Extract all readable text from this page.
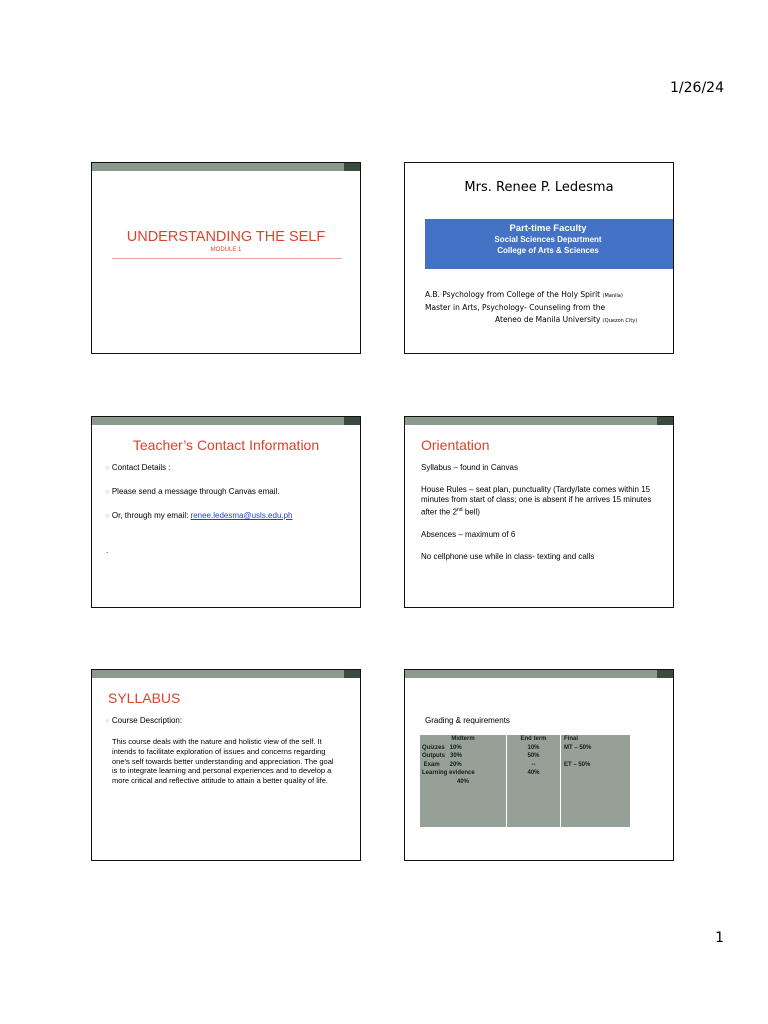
1/26/24
UNDERSTANDING THE SELF
MODULE 1
Mrs. Renee P. Ledesma
Part-time Faculty
Social Sciences Department
College of Arts & Sciences
A.B. Psychology from College of the Holy Spirit (Manila)
Master in Arts, Psychology- Counseling from the
Ateneo de Manila University (Quezon City)
Teacher’s Contact Information
◦ Contact Details :
◦ Please send a message through Canvas email.
◦ Or, through my email: renee.ledesma@usls.edu.ph
.
Orientation

Syllabus – found in Canvas

House Rules – seat plan, punctuality (Tardy/late comes within 15 minutes from start of class; one is absent if he arrives 15 minutes after the 2nd bell)

Absences – maximum of 6

No cellphone use while in class- texting and calls

SYLLABUS
◦ Course Description:
This course deals with the nature and holistic view of the self. It intends to facilitate exploration of issues and concerns regarding one’s self towards better understanding and appreciation. The goal is to integrate learning and personal experiences and to develop a more critical and reflective attitude to attain a better quality of life.
Grading & requirements
Midterm
Quizzes   10%
Outputs   30%
Exam      20%
Learning evidence
40%
End term
10%
50%
--
40%
Final
MT – 50%

ET – 50%
1
